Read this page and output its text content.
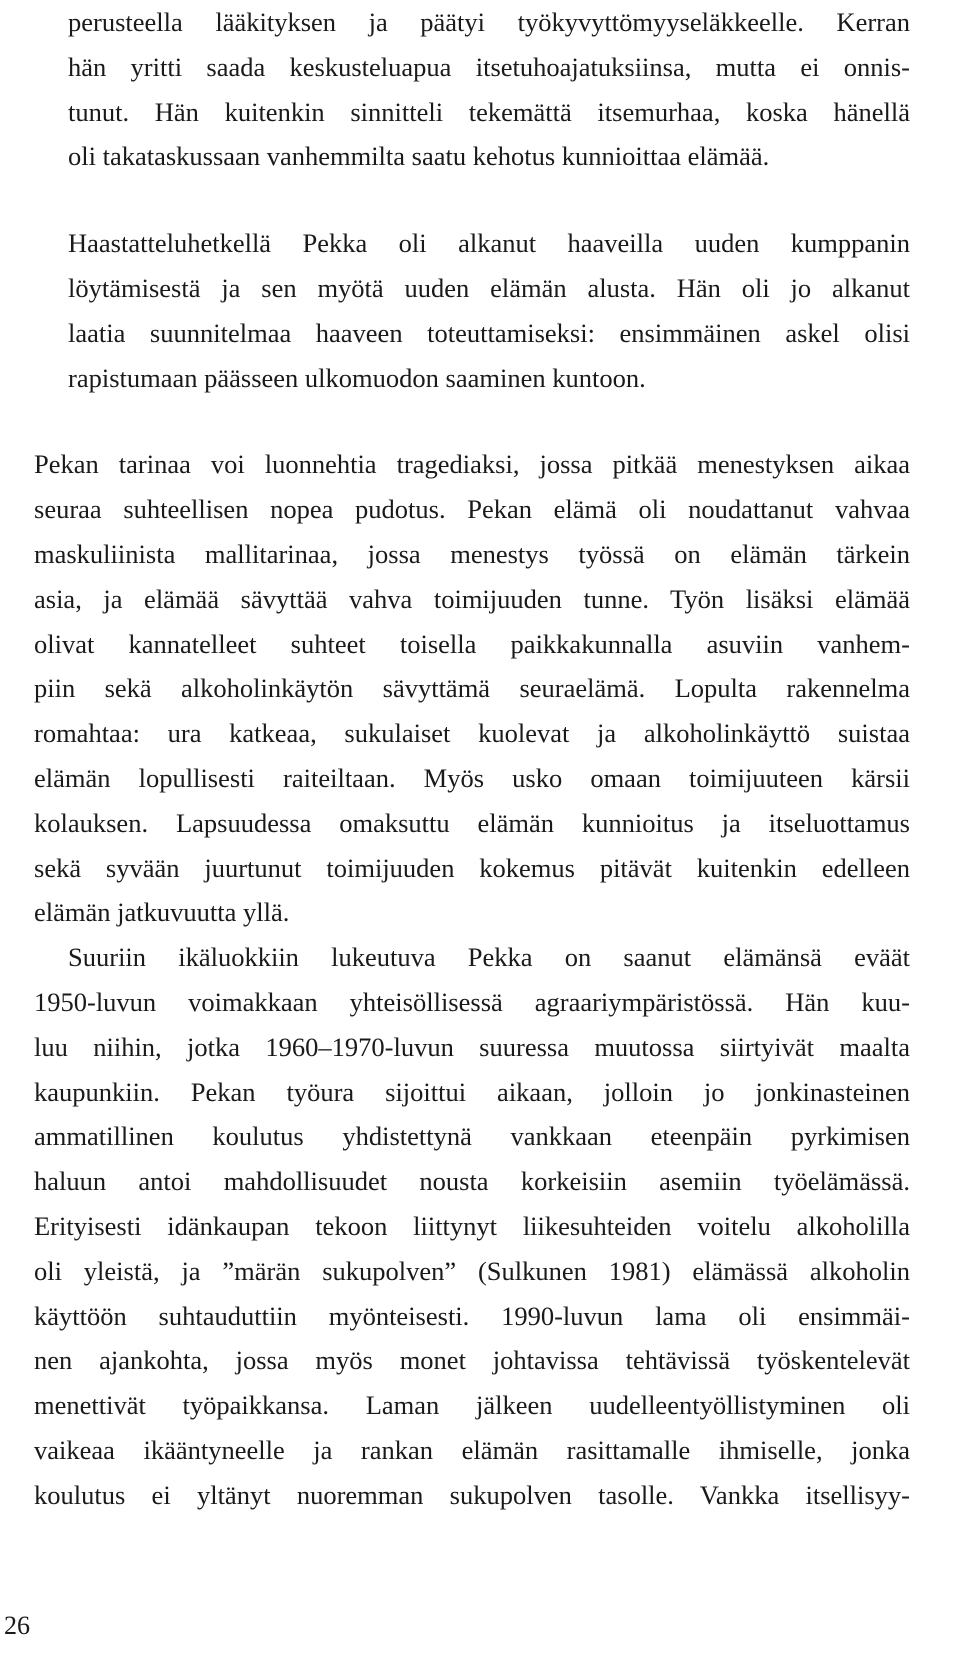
perusteella lääkityksen ja päätyi työkyvyttömyyseläkkeelle. Kerran
hän yritti saada keskusteluapua itsetuhoajatuksiinsa, mutta ei onnis-
tunut. Hän kuitenkin sinnitteli tekemättä itsemurhaa, koska hänellä
oli takataskussaan vanhemmilta saatu kehotus kunnioittaa elämää.
Haastatteluhetkellä Pekka oli alkanut haaveilla uuden kumppanin
löytämisestä ja sen myötä uuden elämän alusta. Hän oli jo alkanut
laatia suunnitelmaa haaveen toteuttamiseksi: ensimmäinen askel olisi
rapistumaan päässeen ulkomuodon saaminen kuntoon.
Pekan tarinaa voi luonnehtia tragediaksi, jossa pitkää menestyksen aikaa
seuraa suhteellisen nopea pudotus. Pekan elämä oli noudattanut vahvaa
maskuliinista mallitarinaa, jossa menestys työssä on elämän tärkein
asia, ja elämää sävyttää vahva toimijuuden tunne. Työn lisäksi elämää
olivat kannatelleet suhteet toisella paikkakunnalla asuviin vanhem-
piin sekä alkoholinkäytön sävyttämä seuraelämä. Lopulta rakennelma
romahtaa: ura katkeaa, sukulaiset kuolevat ja alkoholinkäyttö suistaa
elämän lopullisesti raiteiltaan. Myös usko omaan toimijuuteen kärsii
kolauksen. Lapsuudessa omaksuttu elämän kunnioitus ja itseluottamus
sekä syvään juurtunut toimijuuden kokemus pitävät kuitenkin edelleen
elämän jatkuvuutta yllä.
Suuriin ikäluokkiin lukeutuva Pekka on saanut elämänsä eväät
1950-luvun voimakkaan yhteisöllisessä agraariympäristössä. Hän kuu-
luu niihin, jotka 1960–1970-luvun suuressa muutossa siirtyivät maalta
kaupunkiin. Pekan työura sijoittui aikaan, jolloin jo jonkinasteinen
ammatillinen koulutus yhdistettynä vankkaan eteenpäin pyrkimisen
haluun antoi mahdollisuudet nousta korkeisiin asemiin työelämässä.
Erityisesti idänkaupan tekoon liittynyt liikesuhteiden voitelu alkoholilla
oli yleistä, ja ”märän sukupolven” (Sulkunen 1981) elämässä alkoholin
käyttöön suhtauduttiin myönteisesti. 1990-luvun lama oli ensimmäi-
nen ajankohta, jossa myös monet johtavissa tehtävissä työskentelevät
menettivät työpaikkansa. Laman jälkeen uudelleentyöllistyminen oli
vaikeaa ikääntyneelle ja rankan elämän rasittamalle ihmiselle, jonka
koulutus ei yltänyt nuoremman sukupolven tasolle. Vankka itsellisyy-
26
